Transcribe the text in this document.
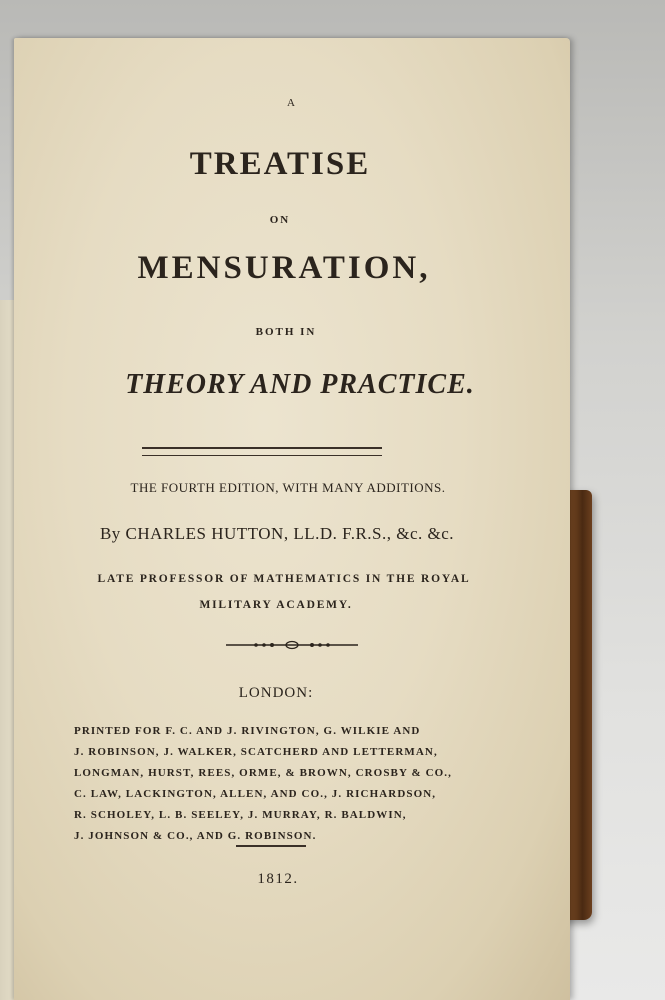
A
TREATISE
ON
MENSURATION,
BOTH IN
THEORY AND PRACTICE.
THE FOURTH EDITION, WITH MANY ADDITIONS.
By CHARLES HUTTON, LL.D. F.R.S., &c. &c.
LATE PROFESSOR OF MATHEMATICS IN THE ROYAL
MILITARY ACADEMY.
LONDON:
PRINTED FOR F. C. AND J. RIVINGTON, G. WILKIE AND
J. ROBINSON, J. WALKER, SCATCHERD AND LETTERMAN,
LONGMAN, HURST, REES, ORME, & BROWN, CROSBY & CO.,
C. LAW, LACKINGTON, ALLEN, AND CO., J. RICHARDSON,
R. SCHOLEY, L. B. SEELEY, J. MURRAY, R. BALDWIN,
J. JOHNSON & CO., AND G. ROBINSON.
1812.
